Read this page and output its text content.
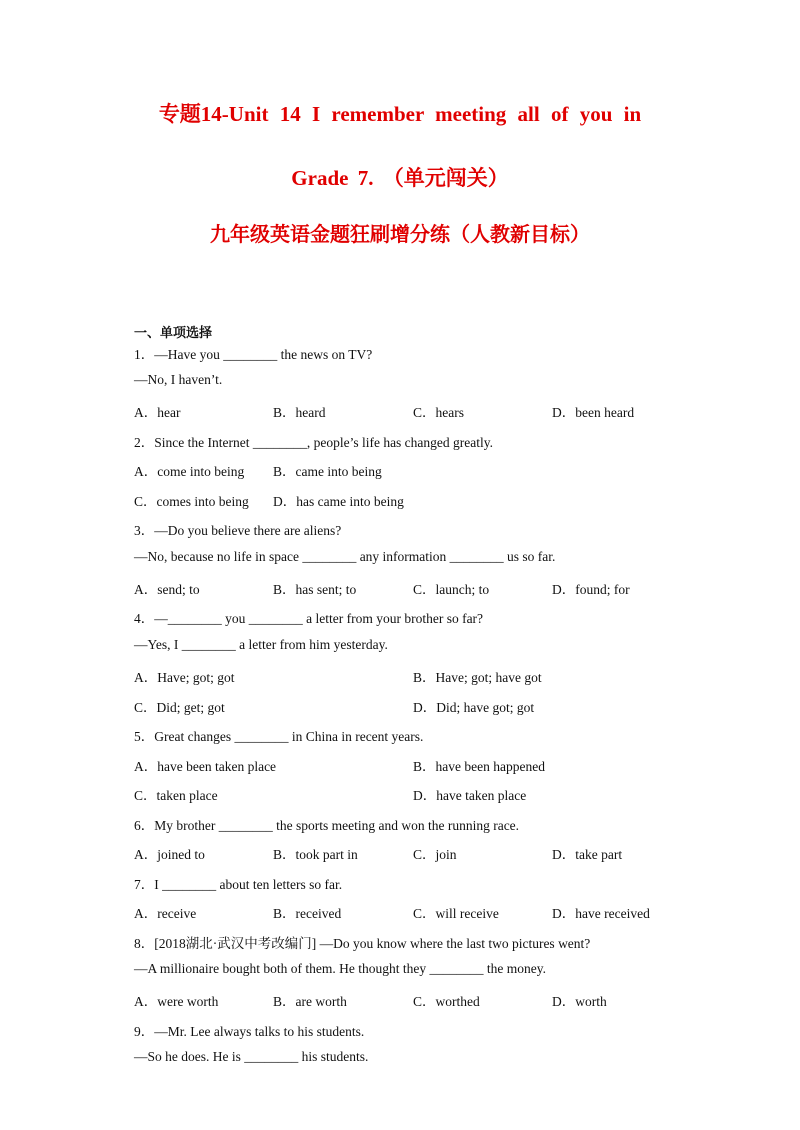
专题14-Unit 14 I remember meeting all of you in
Grade 7. （单元闯关）
九年级英语金题狂刷增分练（人教新目标）
一、单项选择
1．—Have you ________ the news on TV?
—No, I haven’t.
A．hear	B．heard	C．hears	D．been heard
2．Since the Internet ________, people’s life has changed greatly.
A．come into being B．came into being
C．comes into being D．has came into being
3．—Do you believe there are aliens?
—No, because no life in space ________ any information ________ us so far.
A．send; to	B．has sent; to	C．launch; to	D．found; for
4．—________ you ________ a letter from your brother so far?
—Yes, I ________ a letter from him yesterday.
A．Have; got; got	B．Have; got; have got
C．Did; get; got	D．Did; have got; got
5．Great changes ________ in China in recent years.
A．have been taken place	B．have been happened
C．taken place	D．have taken place
6．My brother ________ the sports meeting and won the running race.
A．joined to	B．took part in	C．join	D．take part
7．I ________ about ten letters so far.
A．receive	B．received	C．will receive	D．have received
8．[2018湖北·武汉中考改编门] —Do you know where the last two pictures went?
—A millionaire bought both of them. He thought they ________ the money.
A．were worth	B．are worth	C．worthed	D．worth
9．—Mr. Lee always talks to his students.
—So he does. He is ________ his students.
